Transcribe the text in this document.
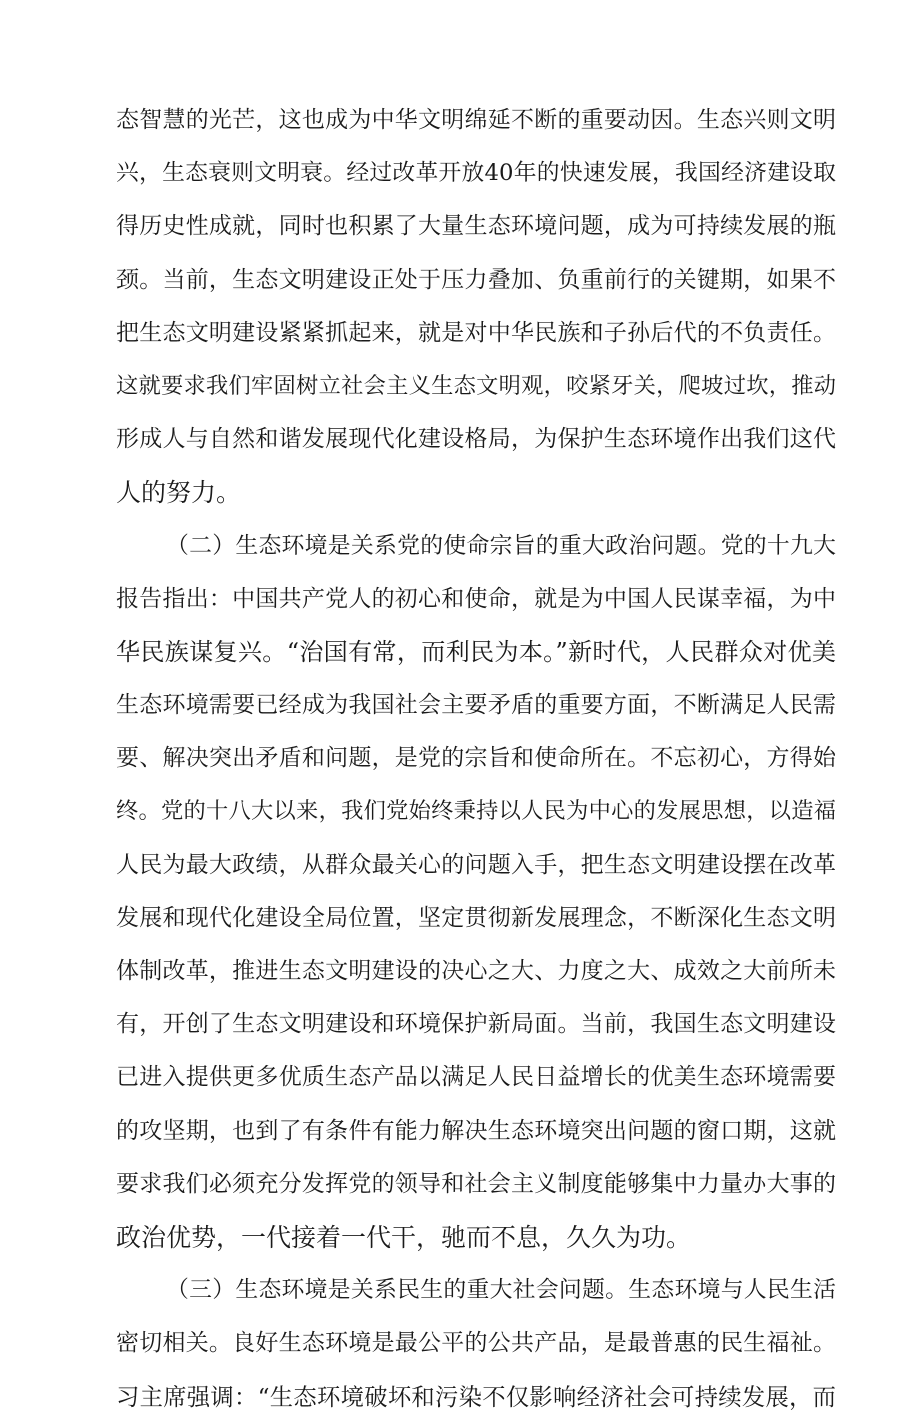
态智慧的光芒，这也成为中华文明绵延不断的重要动因。生态兴则文明
兴，生态衰则文明衰。经过改革开放40年的快速发展，我国经济建设取
得历史性成就，同时也积累了大量生态环境问题，成为可持续发展的瓶
颈。当前，生态文明建设正处于压力叠加、负重前行的关键期，如果不
把生态文明建设紧紧抓起来，就是对中华民族和子孙后代的不负责任。
这就要求我们牢固树立社会主义生态文明观，咬紧牙关，爬坡过坎，推动
形成人与自然和谐发展现代化建设格局，为保护生态环境作出我们这代
人的努力。
（二）生态环境是关系党的使命宗旨的重大政治问题。党的十九大
报告指出：中国共产党人的初心和使命，就是为中国人民谋幸福，为中
华民族谋复兴。“治国有常，而利民为本。”新时代，人民群众对优美
生态环境需要已经成为我国社会主要矛盾的重要方面，不断满足人民需
要、解决突出矛盾和问题，是党的宗旨和使命所在。不忘初心，方得始
终。党的十八大以来，我们党始终秉持以人民为中心的发展思想，以造福
人民为最大政绩，从群众最关心的问题入手，把生态文明建设摆在改革
发展和现代化建设全局位置，坚定贯彻新发展理念，不断深化生态文明
体制改革，推进生态文明建设的决心之大、力度之大、成效之大前所未
有，开创了生态文明建设和环境保护新局面。当前，我国生态文明建设
已进入提供更多优质生态产品以满足人民日益增长的优美生态环境需要
的攻坚期，也到了有条件有能力解决生态环境突出问题的窗口期，这就
要求我们必须充分发挥党的领导和社会主义制度能够集中力量办大事的
政治优势，一代接着一代干，驰而不息，久久为功。
（三）生态环境是关系民生的重大社会问题。生态环境与人民生活
密切相关。良好生态环境是最公平的公共产品，是最普惠的民生福祉。
习主席强调：“生态环境破坏和污染不仅影响经济社会可持续发展，而
